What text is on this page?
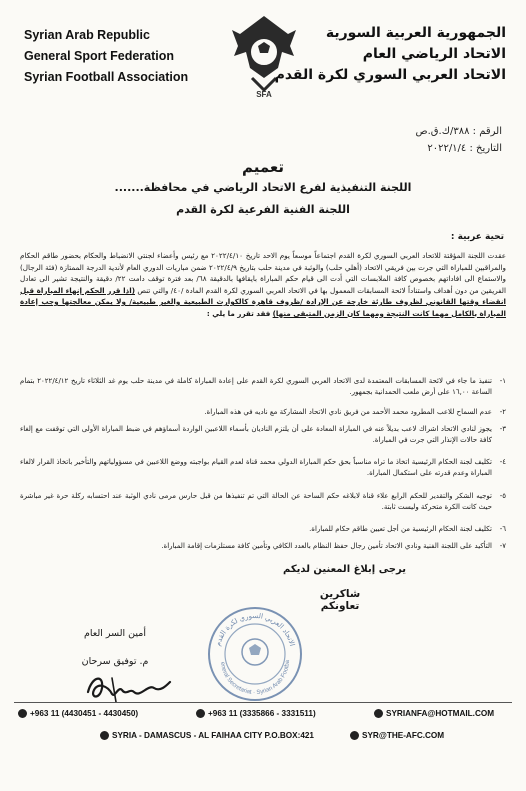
Syrian Arab Republic
General Sport Federation
Syrian Football Association
SFA
الجمهورية العربية السورية
الاتحاد الرياضي العام
الاتحاد العربي السوري لكرة القدم
الرقم : ٣٨٨/ك.ق.ص
التاريخ : ٢٠٢٢/١/٤
تعميم
اللجنة التنفيذية لفرع الاتحاد الرياضي في محافظة.......
اللجنة الفنية الفرعية لكرة القدم
تحية عربية :
عقدت اللجنة المؤقتة للاتحاد العربي السوري لكرة القدم اجتماعاً موسعاً يوم الاحد تاريخ ٢٠٢٢/٤/١٠ مع رئيس وأعضاء لجنتي الانضباط والحكام بحضور طاقم الحكام والمراقبين للمباراة التي جرت بين فريقي الاتحاد (أهلي حلب) والوثبة في مدينة حلب بتاريخ ٢٠٢٢/٤/٩ ضمن مباريات الدوري العام لأندية الدرجة الممتازة (فئة الرجال) والاستماع الى افاداتهم بخصوص كافة الملابسات التي أدت الى قيام حكم المباراة بايقافها بالدقيقة ٦٨/ بعد فترة توقف دامت ٢٢/ دقيقة والنتيجة تشير الى تعادل الفريقين من دون أهداف واستناداً لائحة المسابقات المعمول بها في الاتحاد العربي السوري لكرة القدم المادة /٤٠/ والتي تنص (اذا قرر الحكم إنهاء المباراة قبل انقضاء وقتها القانوني لظروف طارئة خارجة عن الإرادة /ظروف قاهرة كالكوارث الطبيعية والغير طبيعية/ ولا يمكن معالجتها وجب إعادة المباراة بالكامل مهما كانت النتيجة ومهما كان الزمن المتبقي منها) فقد تقرر ما يلي :
١-
تنفيذ ما جاء في لائحة المسابقات المعتمدة لدى الاتحاد العربي السوري لكرة القدم على إعادة المباراة كاملة في مدينة حلب يوم غد الثلاثاء تاريخ ٢٠٢٢/٤/١٢ بتمام الساعة ١٦,٠٠ على أرض ملعب الحمدانية بجمهور.
٢-
عدم السماح للاعب المطرود محمد الأحمد من فريق نادي الاتحاد المشاركة مع ناديه في هذه المباراة.
٣-
يجوز لنادي الاتحاد اشراك لاعب بديلاً عنه في المباراة المعادة على أن يلتزم الناديان بأسماء اللاعبين الواردة أسماؤهم في ضبط المباراة الأولى التي توقفت مع إلغاء كافة حالات الإنذار التي جرت في المباراة.
٤-
تكليف لجنة الحكام الرئيسية اتخاذ ما تراه مناسباً بحق حكم المباراة الدولي محمد قناة لعدم القيام بواجبته ووضع اللاعبين في مسؤولياتهم والتأخير باتخاذ القرار لالغاء المباراة وعدم قدرته على استكمال المباراة.
٥-
توجيه الشكر والتقدير للحكم الرابع علاء قناة لابلاغه حكم الساحة عن الحالة التي تم تنفيذها من قبل حارس مرمى نادي الوثبة عند احتسابه ركلة حرة غير مباشرة حيث كانت الكرة متحركة وليست ثابتة.
٦-
تكليف لجنة الحكام الرئيسية من أجل تعيين طاقم حكام للمباراة.
٧-
التأكيد على اللجنة الفنية ونادي الاتحاد تأمين رجال حفظ النظام بالعدد الكافي وتأمين كافة مستلزمات إقامة المباراة.
يرجى إبلاغ المعنين لديكم
شاكرين تعاونكم
أمين السر العام
م. توفيق سرحان
الاتحاد العربي السوري لكرة القدم
eneral Secretariat · Syrian Arab Footba
+963 11 (4430451 - 4430450)	+963 11 (3335866 - 3331511)	SYRIANFA@HOTMAIL.COM
SYRIA - DAMASCUS - AL FAIHAA CITY P.O.BOX:421	SYR@THE-AFC.COM
